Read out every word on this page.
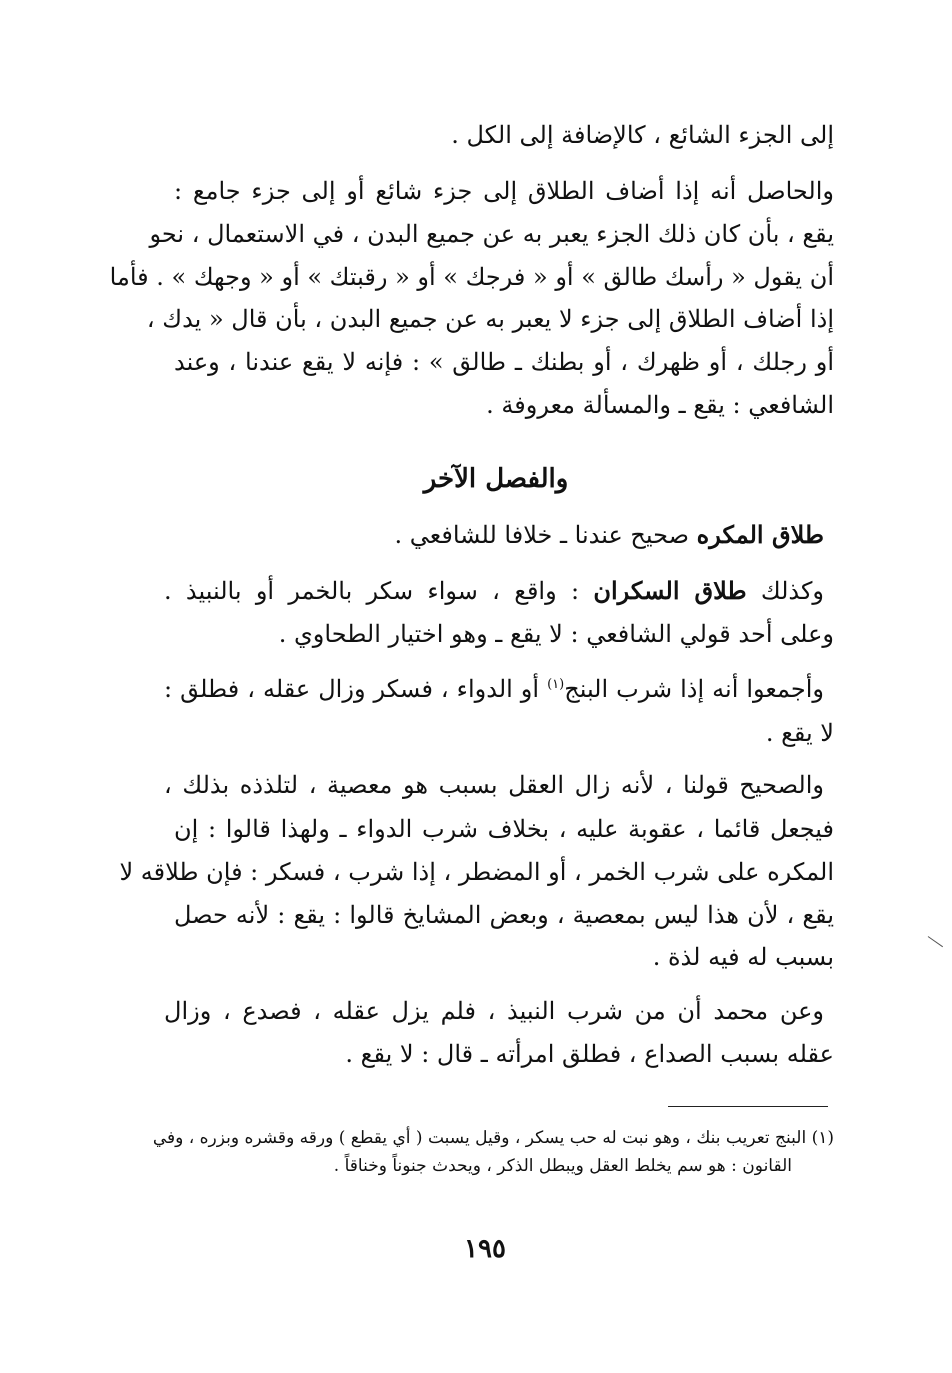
إلى الجزء الشائع ، كالإضافة إلى الكل .
والحاصل أنه إذا أضاف الطلاق إلى جزء شائع أو إلى جزء جامع :
يقع ، بأن كان ذلك الجزء يعبر به عن جميع البدن ، في الاستعمال ، نحو
أن يقول « رأسك طالق » أو « فرجك » أو « رقبتك » أو « وجهك » . فأما
إذا أضاف الطلاق إلى جزء لا يعبر به عن جميع البدن ، بأن قال « يدك ،
أو رجلك ، أو ظهرك ، أو بطنك ـ طالق » : فإنه لا يقع عندنا ، وعند
الشافعي : يقع ـ والمسألة معروفة .
والفصل الآخر
طلاق المكره صحيح عندنا ـ خلافا للشافعي .
وكذلك طلاق السكران : واقع ، سواء سكر بالخمر أو بالنبيذ .
وعلى أحد قولي الشافعي : لا يقع ـ وهو اختيار الطحاوي .
وأجمعوا أنه إذا شرب البنج$^{(١)}$ أو الدواء ، فسكر وزال عقله ، فطلق :
لا يقع .
والصحيح قولنا ، لأنه زال العقل بسبب هو معصية ، لتلذذه بذلك ،
فيجعل قائما ، عقوبة عليه ، بخلاف شرب الدواء ـ ولهذا قالوا : إن
المكره على شرب الخمر ، أو المضطر ، إذا شرب ، فسكر : فإن طلاقه لا
يقع ، لأن هذا ليس بمعصية ، وبعض المشايخ قالوا : يقع : لأنه حصل
بسبب له فيه لذة .
وعن محمد أن من شرب النبيذ ، فلم يزل عقله ، فصدع ، وزال
عقله بسبب الصداع ، فطلق امرأته ـ قال : لا يقع .
(١) البنج تعريب بنك ، وهو نبت له حب يسكر ، وقيل يسبت ( أي يقطع ) ورقه وقشره وبزره ، وفي
القانون : هو سم يخلط العقل ويبطل الذكر ، ويحدث جنوناً وخناقاً .
١٩٥
